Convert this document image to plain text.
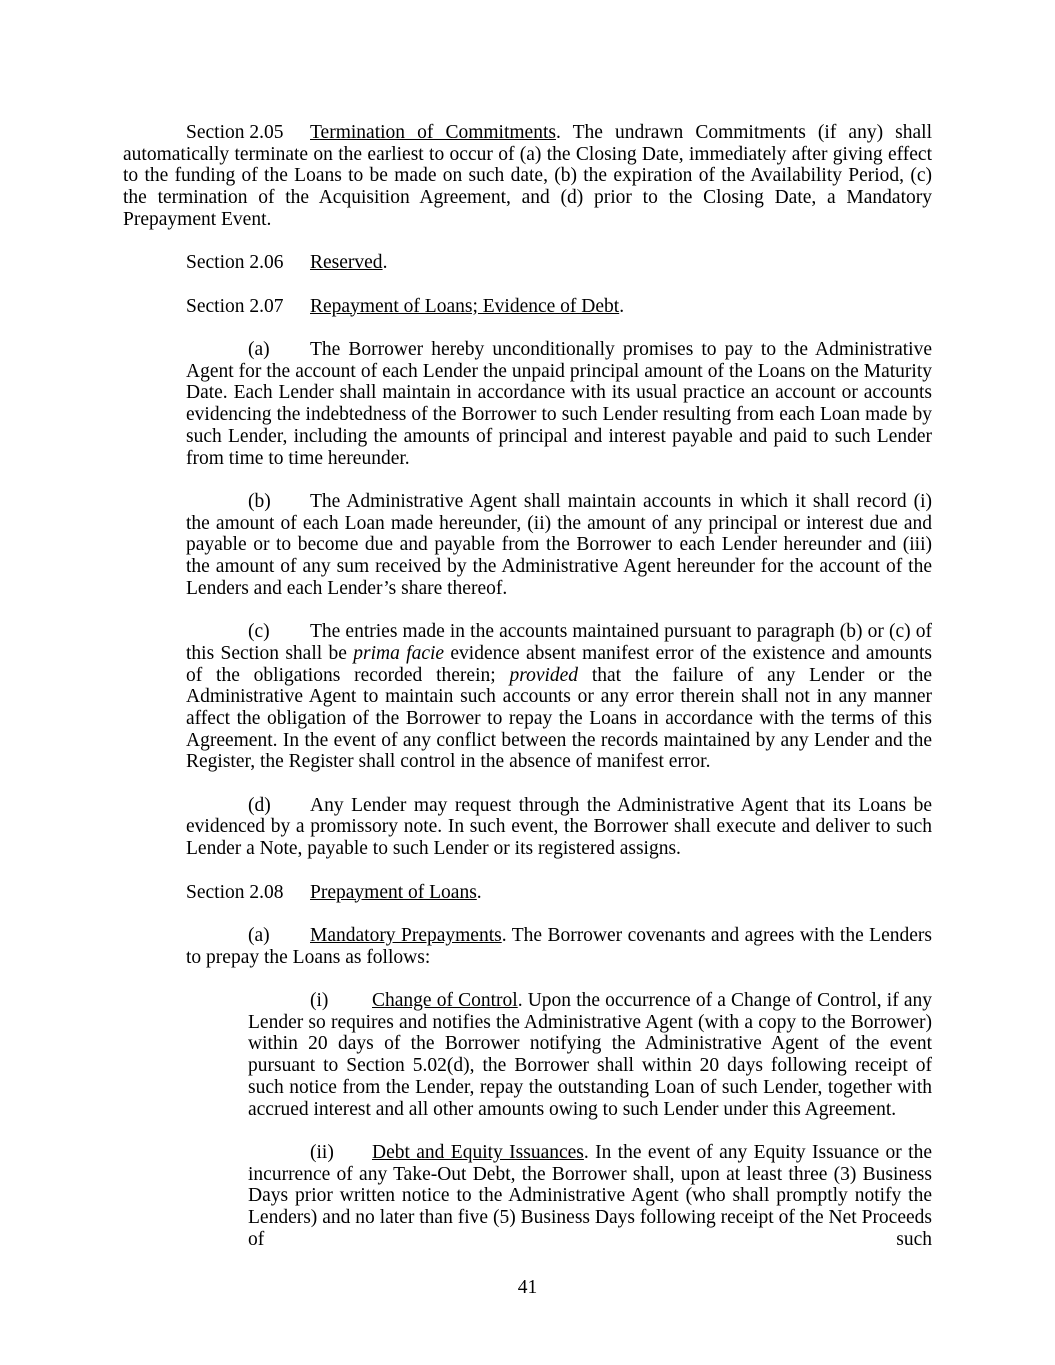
Section 2.05 Termination of Commitments. The undrawn Commitments (if any) shall automatically terminate on the earliest to occur of (a) the Closing Date, immediately after giving effect to the funding of the Loans to be made on such date, (b) the expiration of the Availability Period, (c) the termination of the Acquisition Agreement, and (d) prior to the Closing Date, a Mandatory Prepayment Event.

Section 2.06 Reserved.

Section 2.07 Repayment of Loans; Evidence of Debt.

(a) The Borrower hereby unconditionally promises to pay to the Administrative Agent for the account of each Lender the unpaid principal amount of the Loans on the Maturity Date. Each Lender shall maintain in accordance with its usual practice an account or accounts evidencing the indebtedness of the Borrower to such Lender resulting from each Loan made by such Lender, including the amounts of principal and interest payable and paid to such Lender from time to time hereunder.

(b) The Administrative Agent shall maintain accounts in which it shall record (i) the amount of each Loan made hereunder, (ii) the amount of any principal or interest due and payable or to become due and payable from the Borrower to each Lender hereunder and (iii) the amount of any sum received by the Administrative Agent hereunder for the account of the Lenders and each Lender’s share thereof.

(c) The entries made in the accounts maintained pursuant to paragraph (b) or (c) of this Section shall be prima facie evidence absent manifest error of the existence and amounts of the obligations recorded therein; provided that the failure of any Lender or the Administrative Agent to maintain such accounts or any error therein shall not in any manner affect the obligation of the Borrower to repay the Loans in accordance with the terms of this Agreement. In the event of any conflict between the records maintained by any Lender and the Register, the Register shall control in the absence of manifest error.

(d) Any Lender may request through the Administrative Agent that its Loans be evidenced by a promissory note. In such event, the Borrower shall execute and deliver to such Lender a Note, payable to such Lender or its registered assigns.

Section 2.08 Prepayment of Loans.

(a) Mandatory Prepayments. The Borrower covenants and agrees with the Lenders to prepay the Loans as follows:

(i) Change of Control. Upon the occurrence of a Change of Control, if any Lender so requires and notifies the Administrative Agent (with a copy to the Borrower) within 20 days of the Borrower notifying the Administrative Agent of the event pursuant to Section 5.02(d), the Borrower shall within 20 days following receipt of such notice from the Lender, repay the outstanding Loan of such Lender, together with accrued interest and all other amounts owing to such Lender under this Agreement.

(ii) Debt and Equity Issuances. In the event of any Equity Issuance or the incurrence of any Take-Out Debt, the Borrower shall, upon at least three (3) Business Days prior written notice to the Administrative Agent (who shall promptly notify the Lenders) and no later than five (5) Business Days following receipt of the Net Proceeds of such

41
